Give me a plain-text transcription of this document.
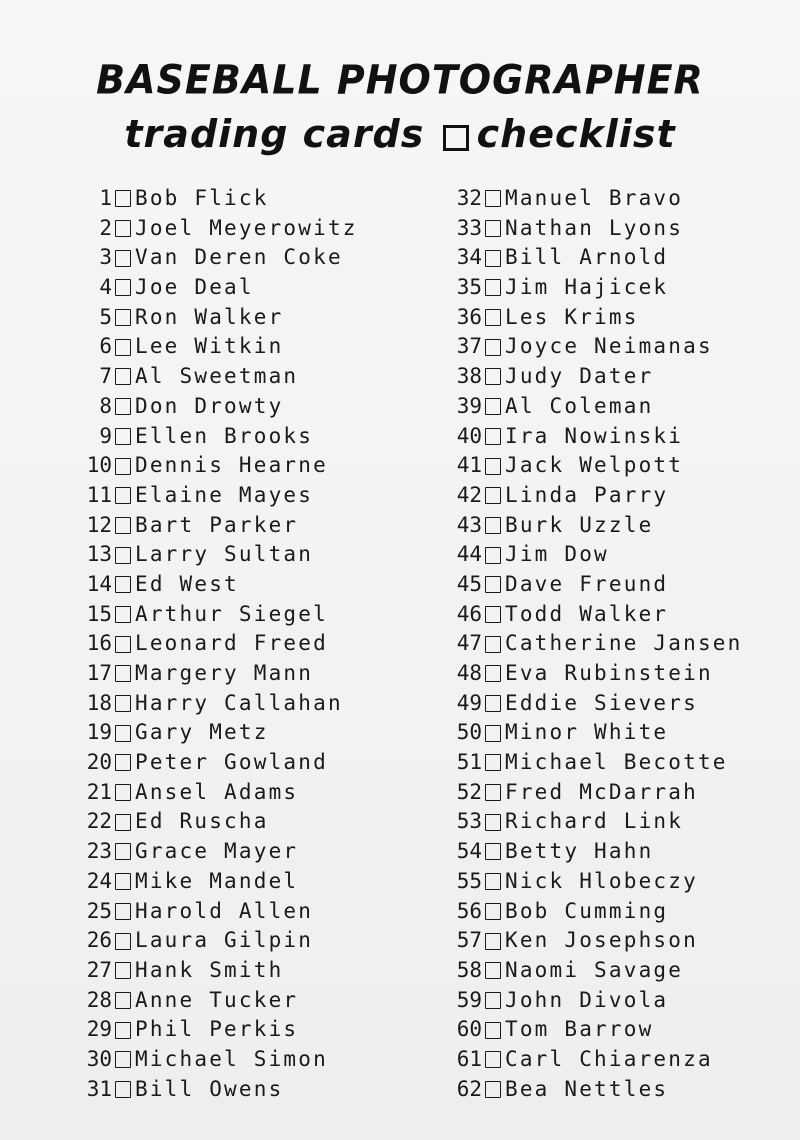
BASEBALL PHOTOGRAPHER
trading cards checklist
1 Bob Flick
2 Joel Meyerowitz
3 Van Deren Coke
4 Joe Deal
5 Ron Walker
6 Lee Witkin
7 Al Sweetman
8 Don Drowty
9 Ellen Brooks
10 Dennis Hearne
11 Elaine Mayes
12 Bart Parker
13 Larry Sultan
14 Ed West
15 Arthur Siegel
16 Leonard Freed
17 Margery Mann
18 Harry Callahan
19 Gary Metz
20 Peter Gowland
21 Ansel Adams
22 Ed Ruscha
23 Grace Mayer
24 Mike Mandel
25 Harold Allen
26 Laura Gilpin
27 Hank Smith
28 Anne Tucker
29 Phil Perkis
30 Michael Simon
31 Bill Owens
32 Manuel Bravo
33 Nathan Lyons
34 Bill Arnold
35 Jim Hajicek
36 Les Krims
37 Joyce Neimanas
38 Judy Dater
39 Al Coleman
40 Ira Nowinski
41 Jack Welpott
42 Linda Parry
43 Burk Uzzle
44 Jim Dow
45 Dave Freund
46 Todd Walker
47 Catherine Jansen
48 Eva Rubinstein
49 Eddie Sievers
50 Minor White
51 Michael Becotte
52 Fred McDarrah
53 Richard Link
54 Betty Hahn
55 Nick Hlobeczy
56 Bob Cumming
57 Ken Josephson
58 Naomi Savage
59 John Divola
60 Tom Barrow
61 Carl Chiarenza
62 Bea Nettles
